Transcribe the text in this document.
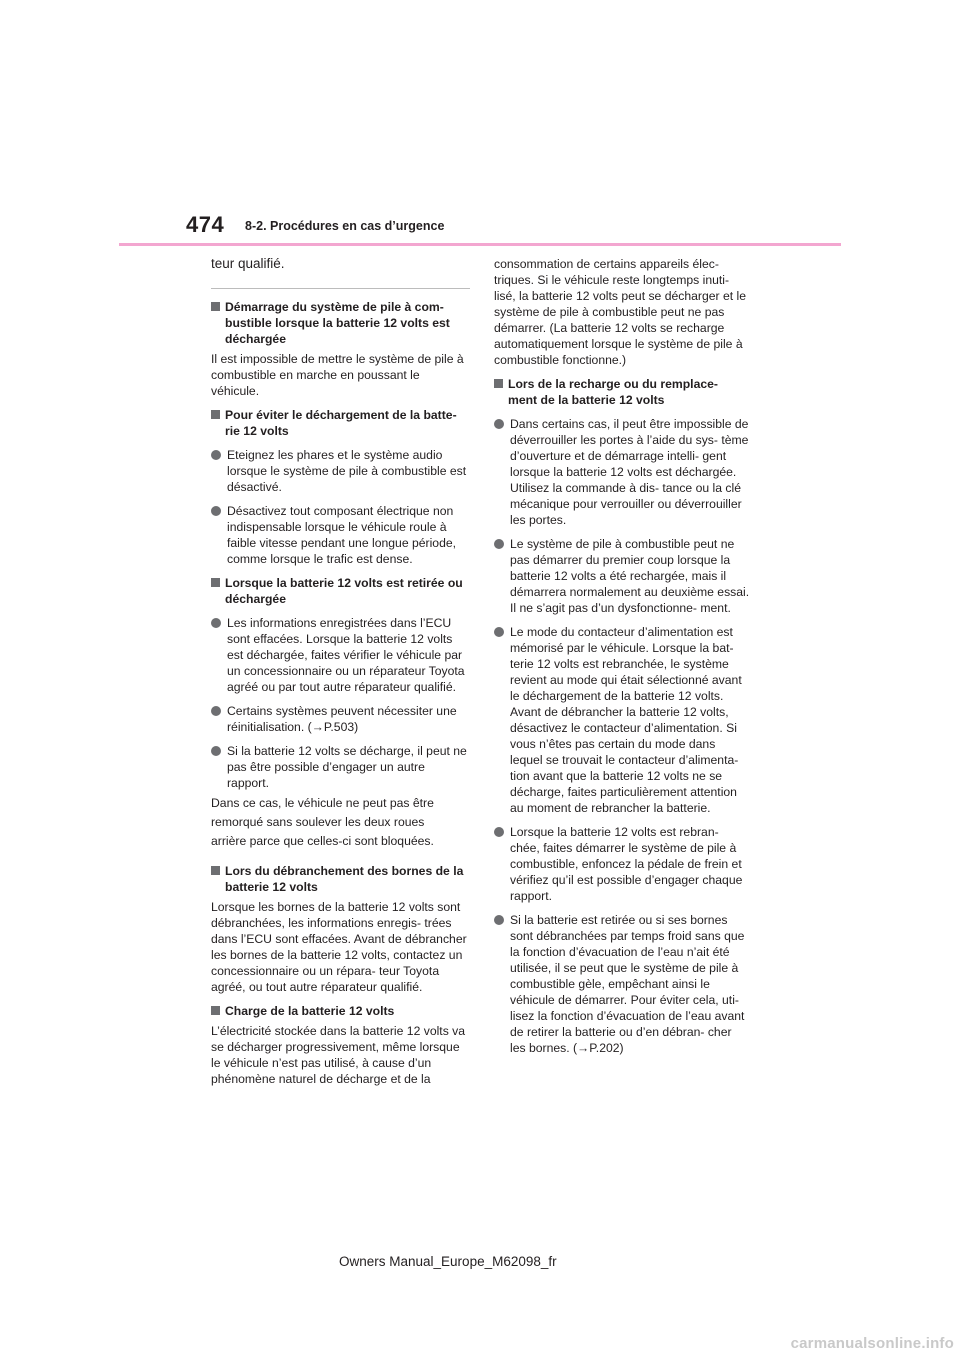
474 8-2. Procédures en cas d’urgence

teur qualifié.

Démarrage du système de pile à com- bustible lorsque la batterie 12 volts est déchargée

Il est impossible de mettre le système de pile à combustible en marche en poussant le véhicule.

Pour éviter le déchargement de la batte- rie 12 volts

Eteignez les phares et le système audio lorsque le système de pile à combustible est désactivé.

Désactivez tout composant électrique non indispensable lorsque le véhicule roule à faible vitesse pendant une longue période, comme lorsque le trafic est dense.

Lorsque la batterie 12 volts est retirée ou déchargée

Les informations enregistrées dans l’ECU sont effacées. Lorsque la batterie 12 volts est déchargée, faites vérifier le véhicule par un concessionnaire ou un réparateur Toyota agréé ou par tout autre réparateur qualifié.

Certains systèmes peuvent nécessiter une réinitialisation. (→P.503)

Si la batterie 12 volts se décharge, il peut ne pas être possible d’engager un autre rapport.

Dans ce cas, le véhicule ne peut pas être

remorqué sans soulever les deux roues

arrière parce que celles-ci sont bloquées.

Lors du débranchement des bornes de la batterie 12 volts

Lorsque les bornes de la batterie 12 volts sont débranchées, les informations enregis- trées dans l’ECU sont effacées. Avant de débrancher les bornes de la batterie 12 volts, contactez un concessionnaire ou un répara- teur Toyota agréé, ou tout autre réparateur qualifié.

Charge de la batterie 12 volts

L’électricité stockée dans la batterie 12 volts va se décharger progressivement, même lorsque le véhicule n’est pas utilisé, à cause d’un phénomène naturel de décharge et de la

consommation de certains appareils élec- triques. Si le véhicule reste longtemps inuti- lisé, la batterie 12 volts peut se décharger et le système de pile à combustible peut ne pas démarrer. (La batterie 12 volts se recharge automatiquement lorsque le système de pile à combustible fonctionne.)

Lors de la recharge ou du remplace- ment de la batterie 12 volts

Dans certains cas, il peut être impossible de déverrouiller les portes à l’aide du sys- tème d’ouverture et de démarrage intelli- gent lorsque la batterie 12 volts est déchargée. Utilisez la commande à dis- tance ou la clé mécanique pour verrouiller ou déverrouiller les portes.

Le système de pile à combustible peut ne pas démarrer du premier coup lorsque la batterie 12 volts a été rechargée, mais il démarrera normalement au deuxième essai. Il ne s’agit pas d’un dysfonctionne- ment.

Le mode du contacteur d’alimentation est mémorisé par le véhicule. Lorsque la bat- terie 12 volts est rebranchée, le système revient au mode qui était sélectionné avant le déchargement de la batterie 12 volts. Avant de débrancher la batterie 12 volts, désactivez le contacteur d’alimentation. Si vous n’êtes pas certain du mode dans lequel se trouvait le contacteur d’alimenta- tion avant que la batterie 12 volts ne se décharge, faites particulièrement attention au moment de rebrancher la batterie.

Lorsque la batterie 12 volts est rebran- chée, faites démarrer le système de pile à combustible, enfoncez la pédale de frein et vérifiez qu’il est possible d’engager chaque rapport.

Si la batterie est retirée ou si ses bornes sont débranchées par temps froid sans que la fonction d’évacuation de l’eau n’ait été utilisée, il se peut que le système de pile à combustible gèle, empêchant ainsi le véhicule de démarrer. Pour éviter cela, uti- lisez la fonction d’évacuation de l’eau avant de retirer la batterie ou d’en débran- cher les bornes. (→P.202)

Owners Manual_Europe_M62098_fr
carmanualsonline.info
